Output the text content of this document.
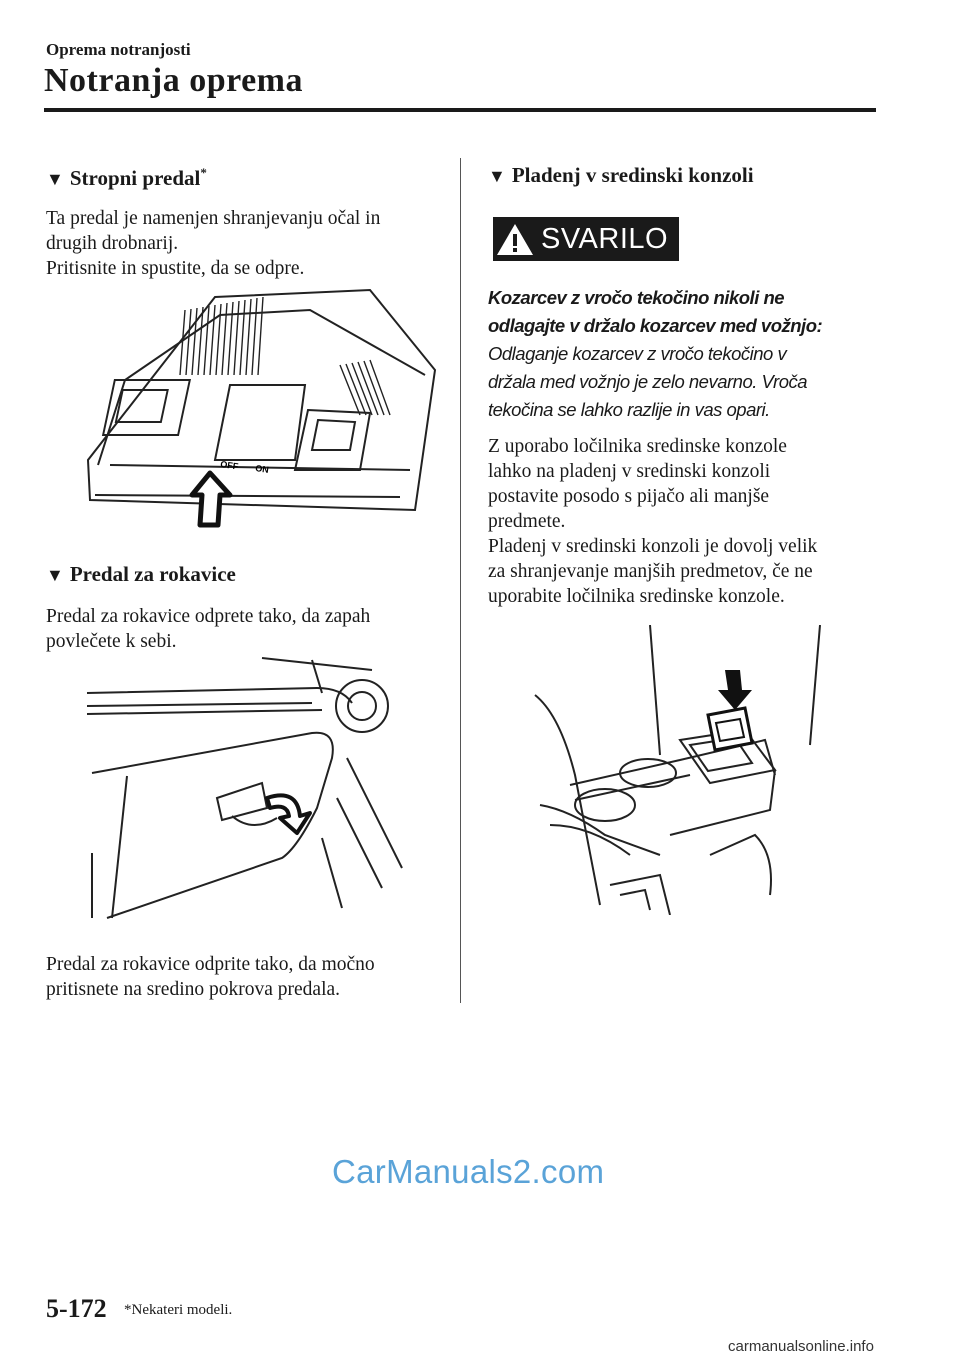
Oprema notranjosti
Notranja oprema
▼ Stropni predal*
Ta predal je namenjen shranjevanju očal in
drugih drobnarij.
Pritisnite in spustite, da se odpre.
OFF ON
▼ Predal za rokavice
Predal za rokavice odprete tako, da zapah
povlečete k sebi.
Predal za rokavice odprite tako, da močno
pritisnete na sredino pokrova predala.
▼ Pladenj v sredinski konzoli
SVARILO
Kozarcev z vročo tekočino nikoli ne
odlagajte v držalo kozarcev med vožnjo:
Odlaganje kozarcev z vročo tekočino v
držala med vožnjo je zelo nevarno. Vroča
tekočina se lahko razlije in vas opari.
Z uporabo ločilnika sredinske konzole
lahko na pladenj v sredinski konzoli
postavite posodo s pijačo ali manjše
predmete.
Pladenj v sredinski konzoli je dovolj velik
za shranjevanje manjših predmetov, če ne
uporabite ločilnika sredinske konzole.
CarManuals2.com
5-172 *Nekateri modeli.
carmanualsonline.info
